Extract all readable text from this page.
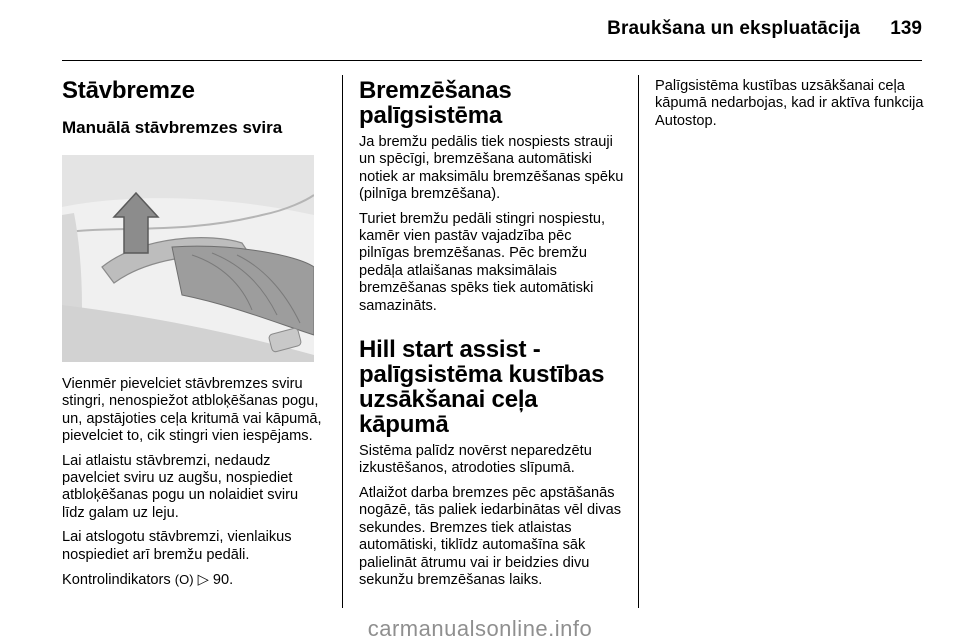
Braukšana un ekspluatācija 139
Stāvbremze
Manuālā stāvbremzes svira

Vienmēr pievelciet stāvbremzes sviru stingri, nenospiežot atbloķēšanas pogu, un, apstājoties ceļa kritumā vai kāpumā, pievelciet to, cik stingri vien iespējams.

Lai atlaistu stāvbremzi, nedaudz pavelciet sviru uz augšu, nospiediet atbloķēšanas pogu un nolaidiet sviru līdz galam uz leju.

Lai atslogotu stāvbremzi, vienlaikus nospiediet arī bremžu pedāli.

Kontrolindikators (O) ▷ 90.

Bremzēšanas palīgsistēma

Ja bremžu pedālis tiek nospiests strauji un spēcīgi, bremzēšana automātiski notiek ar maksimālu bremzēšanas spēku (pilnīga bremzēšana).

Turiet bremžu pedāli stingri nospiestu, kamēr vien pastāv vajadzība pēc pilnīgas bremzēšanas. Pēc bremžu pedāļa atlaišanas maksimālais bremzēšanas spēks tiek automātiski samazināts.

Hill start assist - palīgsistēma kustības uzsākšanai ceļa kāpumā

Sistēma palīdz novērst neparedzētu izkustēšanos, atrodoties slīpumā.

Atlaižot darba bremzes pēc apstāšanās nogāzē, tās paliek iedarbinātas vēl divas sekundes. Bremzes tiek atlaistas automātiski, tiklīdz automašīna sāk palielināt ātrumu vai ir beidzies divu sekunžu bremzēšanas laiks.

Palīgsistēma kustības uzsākšanai ceļa kāpumā nedarbojas, kad ir aktīva funkcija Autostop.

carmanualsonline.info
